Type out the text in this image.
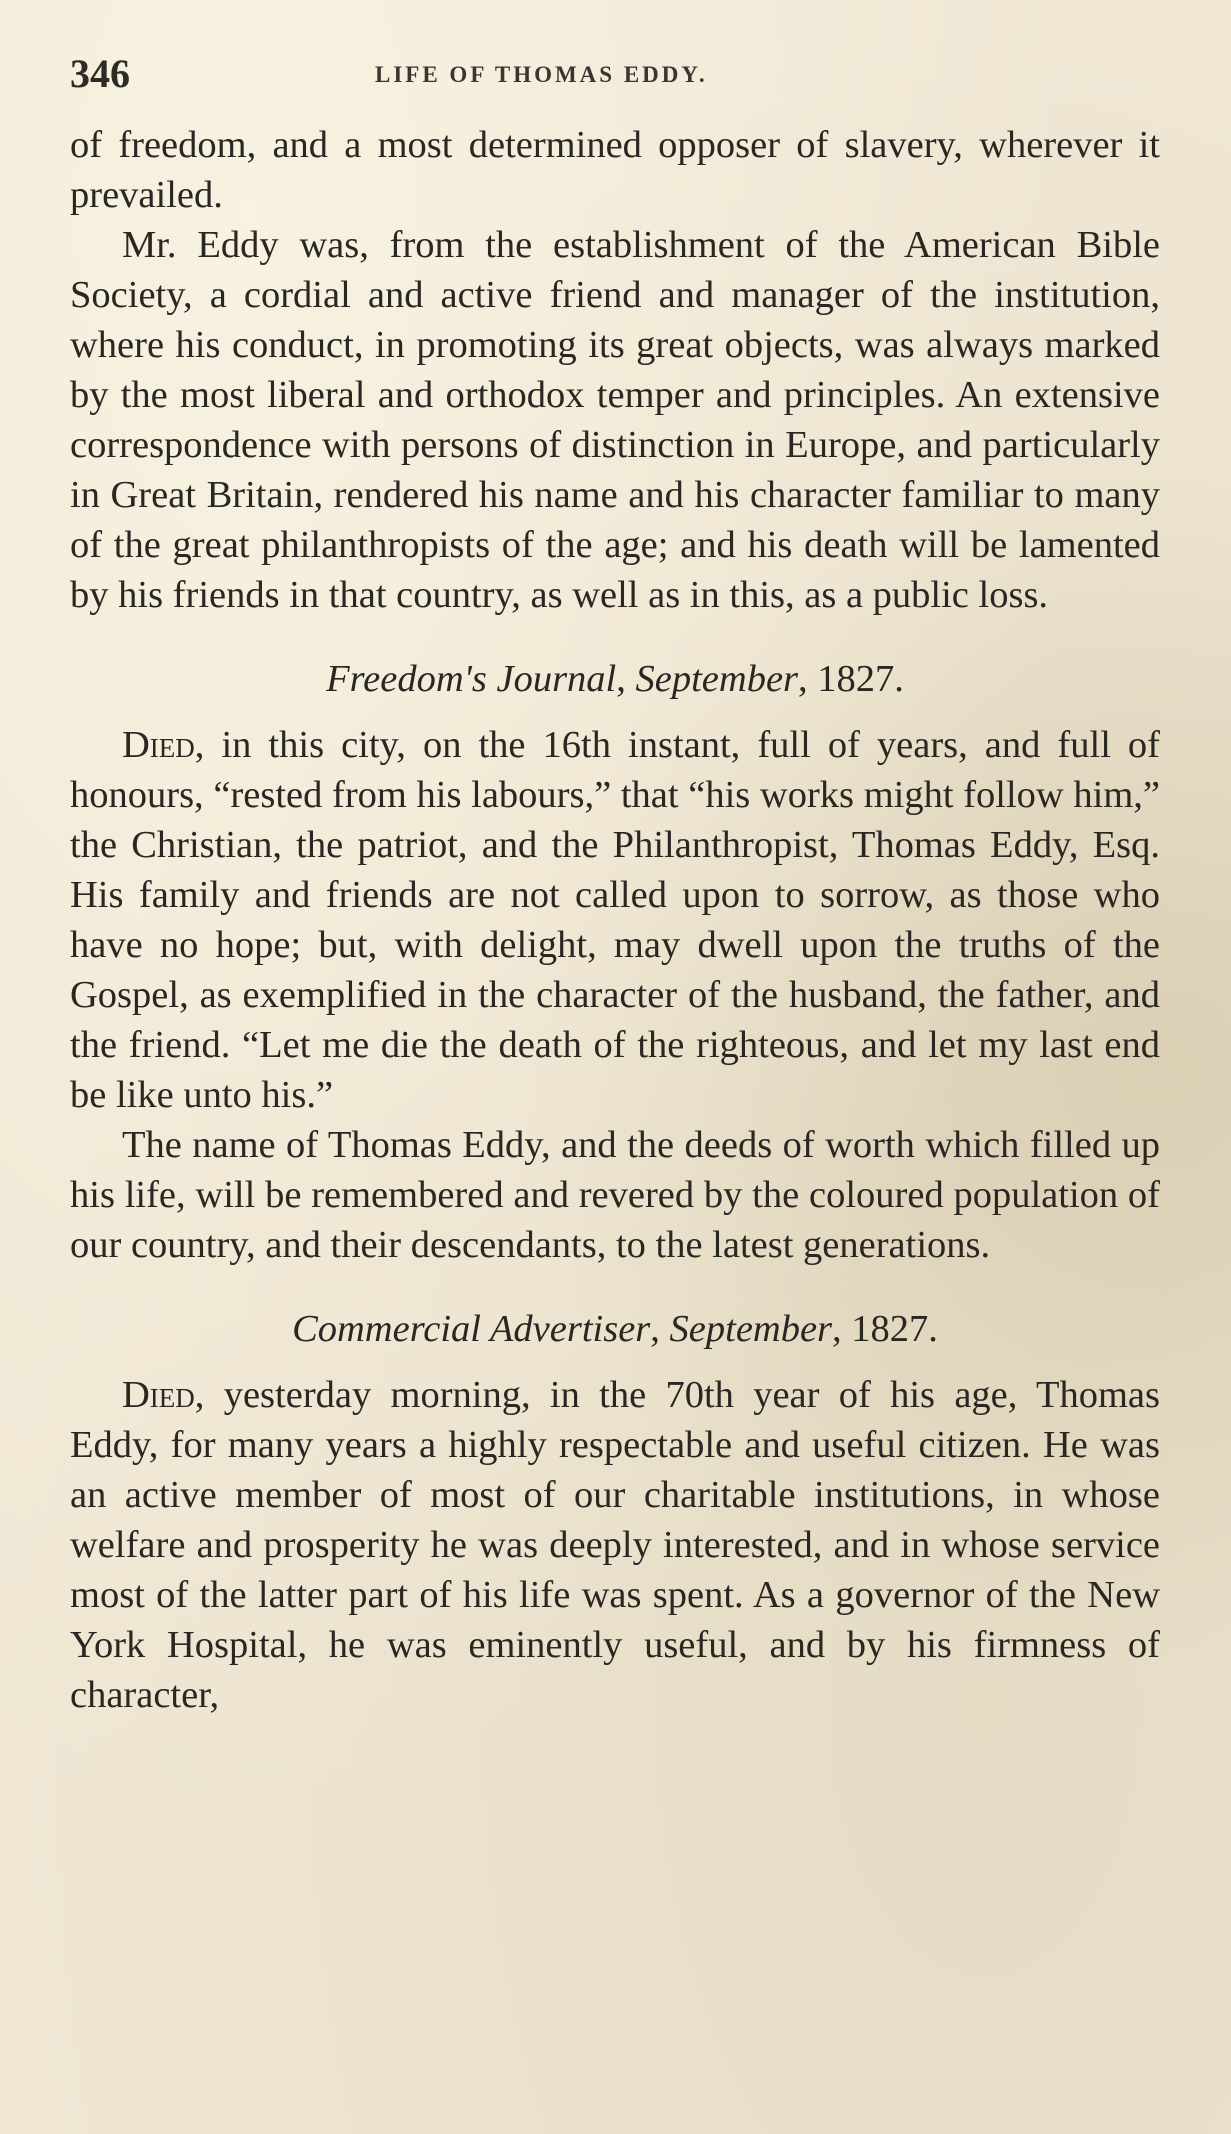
346	LIFE OF THOMAS EDDY.

of freedom, and a most determined opposer of slavery, wherever it prevailed.

Mr. Eddy was, from the establishment of the American Bible Society, a cordial and active friend and manager of the institution, where his conduct, in promoting its great objects, was always marked by the most liberal and orthodox temper and principles. An extensive correspondence with persons of distinction in Europe, and particularly in Great Britain, rendered his name and his character familiar to many of the great philanthropists of the age; and his death will be lamented by his friends in that country, as well as in this, as a public loss.

Freedom's Journal, September, 1827.

Died, in this city, on the 16th instant, full of years, and full of honours, “rested from his labours,” that “his works might follow him,” the Christian, the patriot, and the Philanthropist, Thomas Eddy, Esq. His family and friends are not called upon to sorrow, as those who have no hope; but, with delight, may dwell upon the truths of the Gospel, as exemplified in the character of the husband, the father, and the friend. “Let me die the death of the righteous, and let my last end be like unto his.”

The name of Thomas Eddy, and the deeds of worth which filled up his life, will be remembered and revered by the coloured population of our country, and their descendants, to the latest generations.

Commercial Advertiser, September, 1827.

Died, yesterday morning, in the 70th year of his age, Thomas Eddy, for many years a highly respectable and useful citizen. He was an active member of most of our charitable institutions, in whose welfare and prosperity he was deeply interested, and in whose service most of the latter part of his life was spent. As a governor of the New York Hospital, he was eminently useful, and by his firmness of character,
